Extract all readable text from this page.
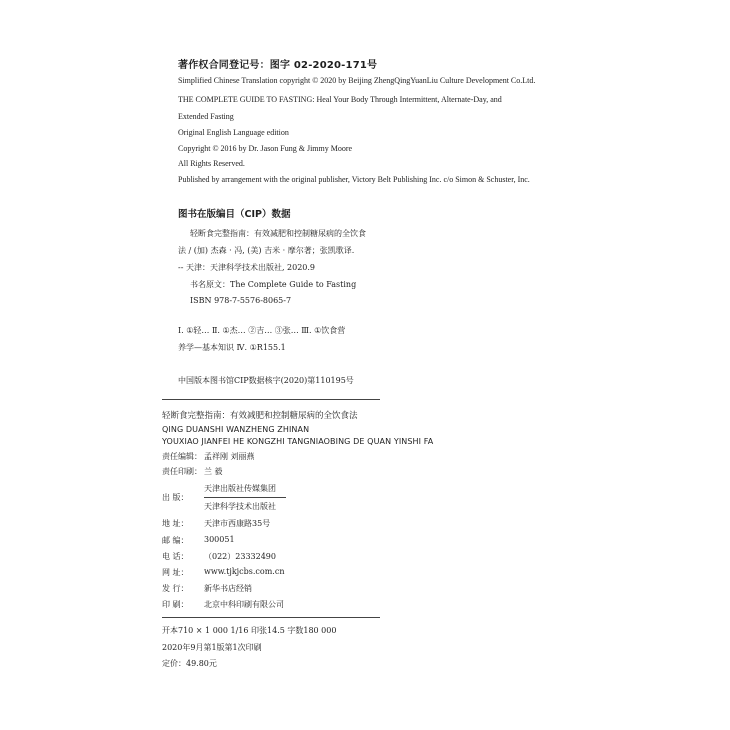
著作权合同登记号：图字 02-2020-171号
Simplified Chinese Translation copyright © 2020 by Beijing ZhengQingYuanLiu Culture Development Co.Ltd.
THE COMPLETE GUIDE TO FASTING: Heal Your Body Through Intermittent, Alternate-Day, and
Extended Fasting
Original English Language edition
Copyright © 2016 by Dr. Jason Fung & Jimmy Moore
All Rights Reserved.
Published by arrangement with the original publisher, Victory Belt Publishing Inc. c/o Simon & Schuster, Inc.
图书在版编目（CIP）数据
轻断食完整指南：有效减肥和控制糖尿病的全饮食
法 / (加) 杰森 · 冯, (美) 吉米 · 摩尔著；张凯歌译.
-- 天津：天津科学技术出版社, 2020.9
书名原文：The Complete Guide to Fasting
ISBN 978-7-5576-8065-7
Ⅰ. ①轻… Ⅱ. ①杰… ②吉… ③张… Ⅲ. ①饮食营
养学—基本知识 Ⅳ. ①R155.1
中国版本图书馆CIP数据核字(2020)第110195号
轻断食完整指南：有效减肥和控制糖尿病的全饮食法
QING DUANSHI WANZHENG ZHINAN
YOUXIAO JIANFEI HE KONGZHI TANGNIAOBING DE QUAN YINSHI FA
责任编辑： 孟祥刚 刘丽燕
责任印刷： 兰 毅
出 版：
天津出版社传媒集团
天津科学技术出版社
地 址： 天津市西康路35号
邮 编： 300051
电 话： （022）23332490
网 址： www.tjkjcbs.com.cn
发 行： 新华书店经销
印 刷： 北京中科印刷有限公司
开本710 × 1 000 1/16 印张14.5 字数180 000
2020年9月第1版第1次印刷
定价：49.80元
